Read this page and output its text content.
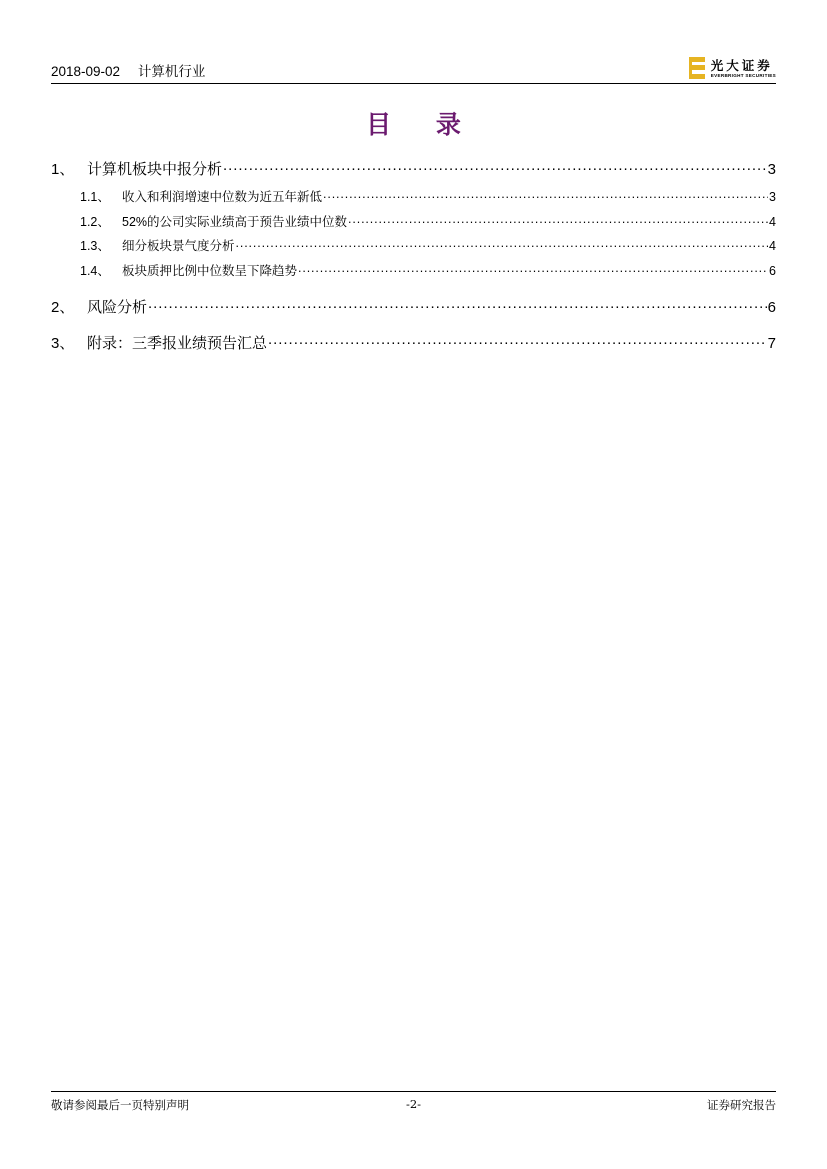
2018-09-02 计算机行业	光大证券
EVERBRIGHT SECURITIES
目 录
1、 计算机板块中报分析 . . .	3
1.1、 收入和利润增速中位数为近五年新低 . . .	3
1.2、 52%的公司实际业绩高于预告业绩中位数 . . .	4
1.3、 细分板块景气度分析 . . .	4
1.4、 板块质押比例中位数呈下降趋势 . . .	6
2、 风险分析 . . .	6
3、 附录：三季报业绩预告汇总 . . .	7
敬请参阅最后一页特别声明	-2-	证券研究报告
